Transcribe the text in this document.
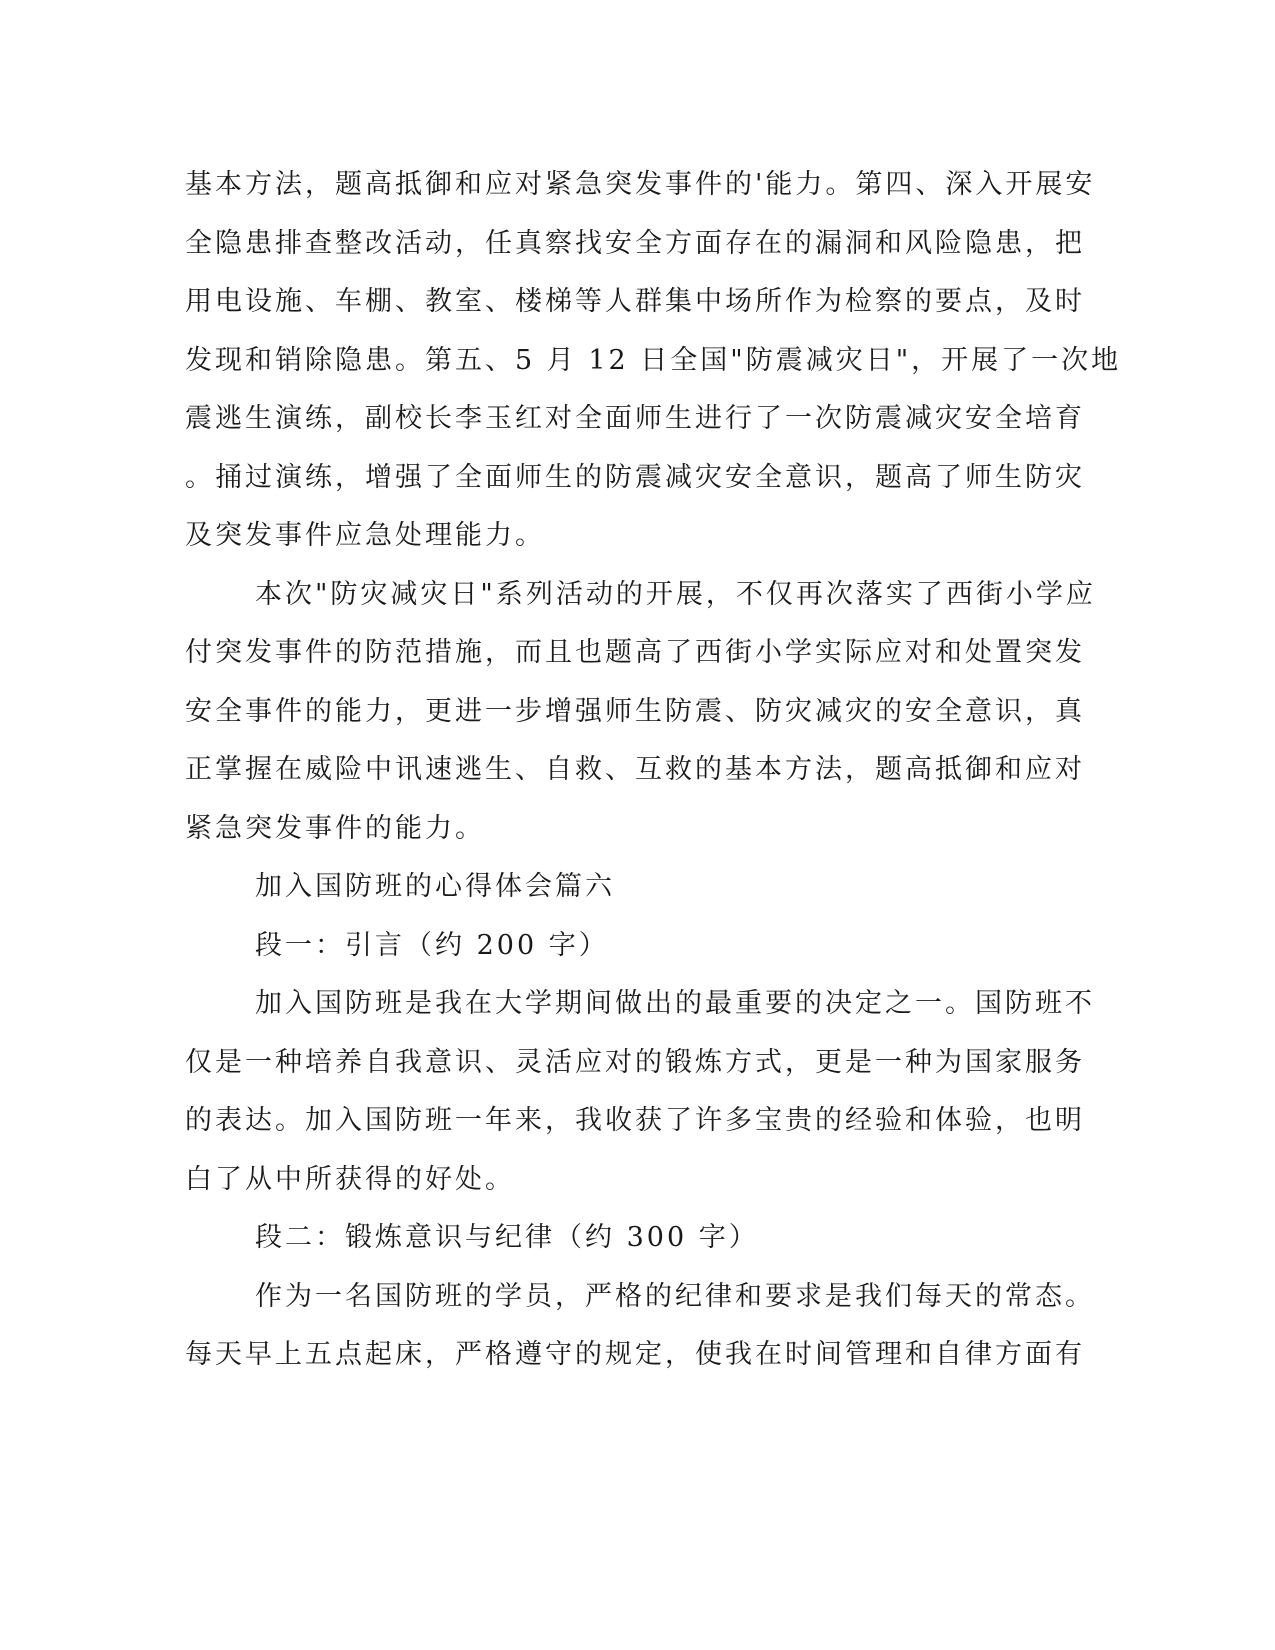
基本方法，题高抵御和应对紧急突发事件的'能力。第四、深入开展安
全隐患排查整改活动，任真察找安全方面存在的漏洞和风险隐患，把
用电设施、车棚、教室、楼梯等人群集中场所作为检察的要点，及时
发现和销除隐患。第五、5 月 12 日全国"防震减灾日"，开展了一次地
震逃生演练，副校长李玉红对全面师生进行了一次防震减灾安全培育
。捅过演练，增强了全面师生的防震减灾安全意识，题高了师生防灾
及突发事件应急处理能力。
本次"防灾减灾日"系列活动的开展，不仅再次落实了西街小学应
付突发事件的防范措施，而且也题高了西街小学实际应对和处置突发
安全事件的能力，更进一步增强师生防震、防灾减灾的安全意识，真
正掌握在威险中讯速逃生、自救、互救的基本方法，题高抵御和应对
紧急突发事件的能力。
加入国防班的心得体会篇六
段一：引言（约 200 字）
加入国防班是我在大学期间做出的最重要的决定之一。国防班不
仅是一种培养自我意识、灵活应对的锻炼方式，更是一种为国家服务
的表达。加入国防班一年来，我收获了许多宝贵的经验和体验，也明
白了从中所获得的好处。
段二：锻炼意识与纪律（约 300 字）
作为一名国防班的学员，严格的纪律和要求是我们每天的常态。
每天早上五点起床，严格遵守的规定，使我在时间管理和自律方面有
